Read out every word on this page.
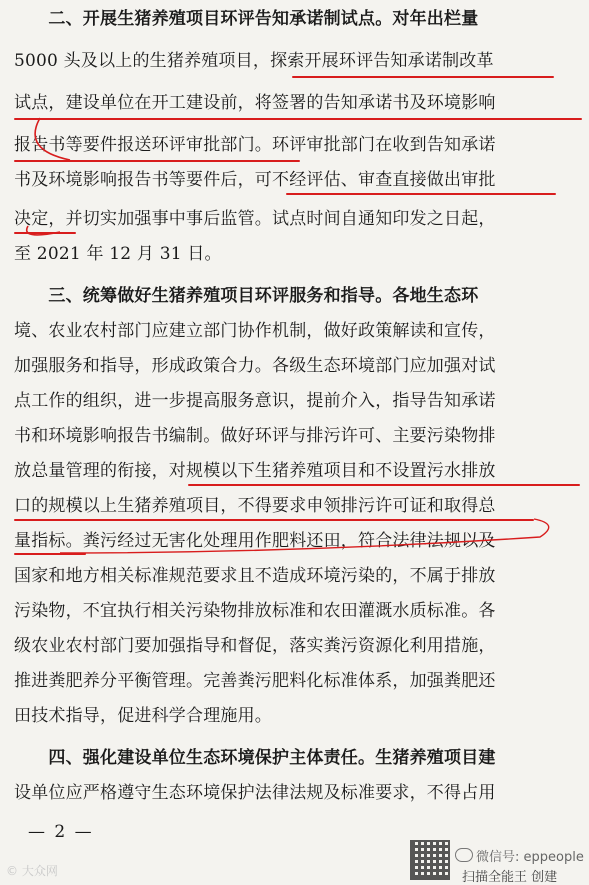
　　二、开展生猪养殖项目环评告知承诺制试点。对年出栏量
5000 头及以上的生猪养殖项目，探索开展环评告知承诺制改革
试点，建设单位在开工建设前，将签署的告知承诺书及环境影响
报告书等要件报送环评审批部门。环评审批部门在收到告知承诺
书及环境影响报告书等要件后，可不经评估、审查直接做出审批
决定，并切实加强事中事后监管。试点时间自通知印发之日起，
至 2021 年 12 月 31 日。
　　三、统筹做好生猪养殖项目环评服务和指导。各地生态环
境、农业农村部门应建立部门协作机制，做好政策解读和宣传，
加强服务和指导，形成政策合力。各级生态环境部门应加强对试
点工作的组织，进一步提高服务意识，提前介入，指导告知承诺
书和环境影响报告书编制。做好环评与排污许可、主要污染物排
放总量管理的衔接，对规模以下生猪养殖项目和不设置污水排放
口的规模以上生猪养殖项目，不得要求申领排污许可证和取得总
量指标。粪污经过无害化处理用作肥料还田，符合法律法规以及
国家和地方相关标准规范要求且不造成环境污染的，不属于排放
污染物，不宜执行相关污染物排放标准和农田灌溉水质标准。各
级农业农村部门要加强指导和督促，落实粪污资源化利用措施，
推进粪肥养分平衡管理。完善粪污肥料化标准体系，加强粪肥还
田技术指导，促进科学合理施用。
　　四、强化建设单位生态环境保护主体责任。生猪养殖项目建
设单位应严格遵守生态环境保护法律法规及标准要求，不得占用
— 2 —
© 大众网
微信号: eppeople
扫描全能王 创建
